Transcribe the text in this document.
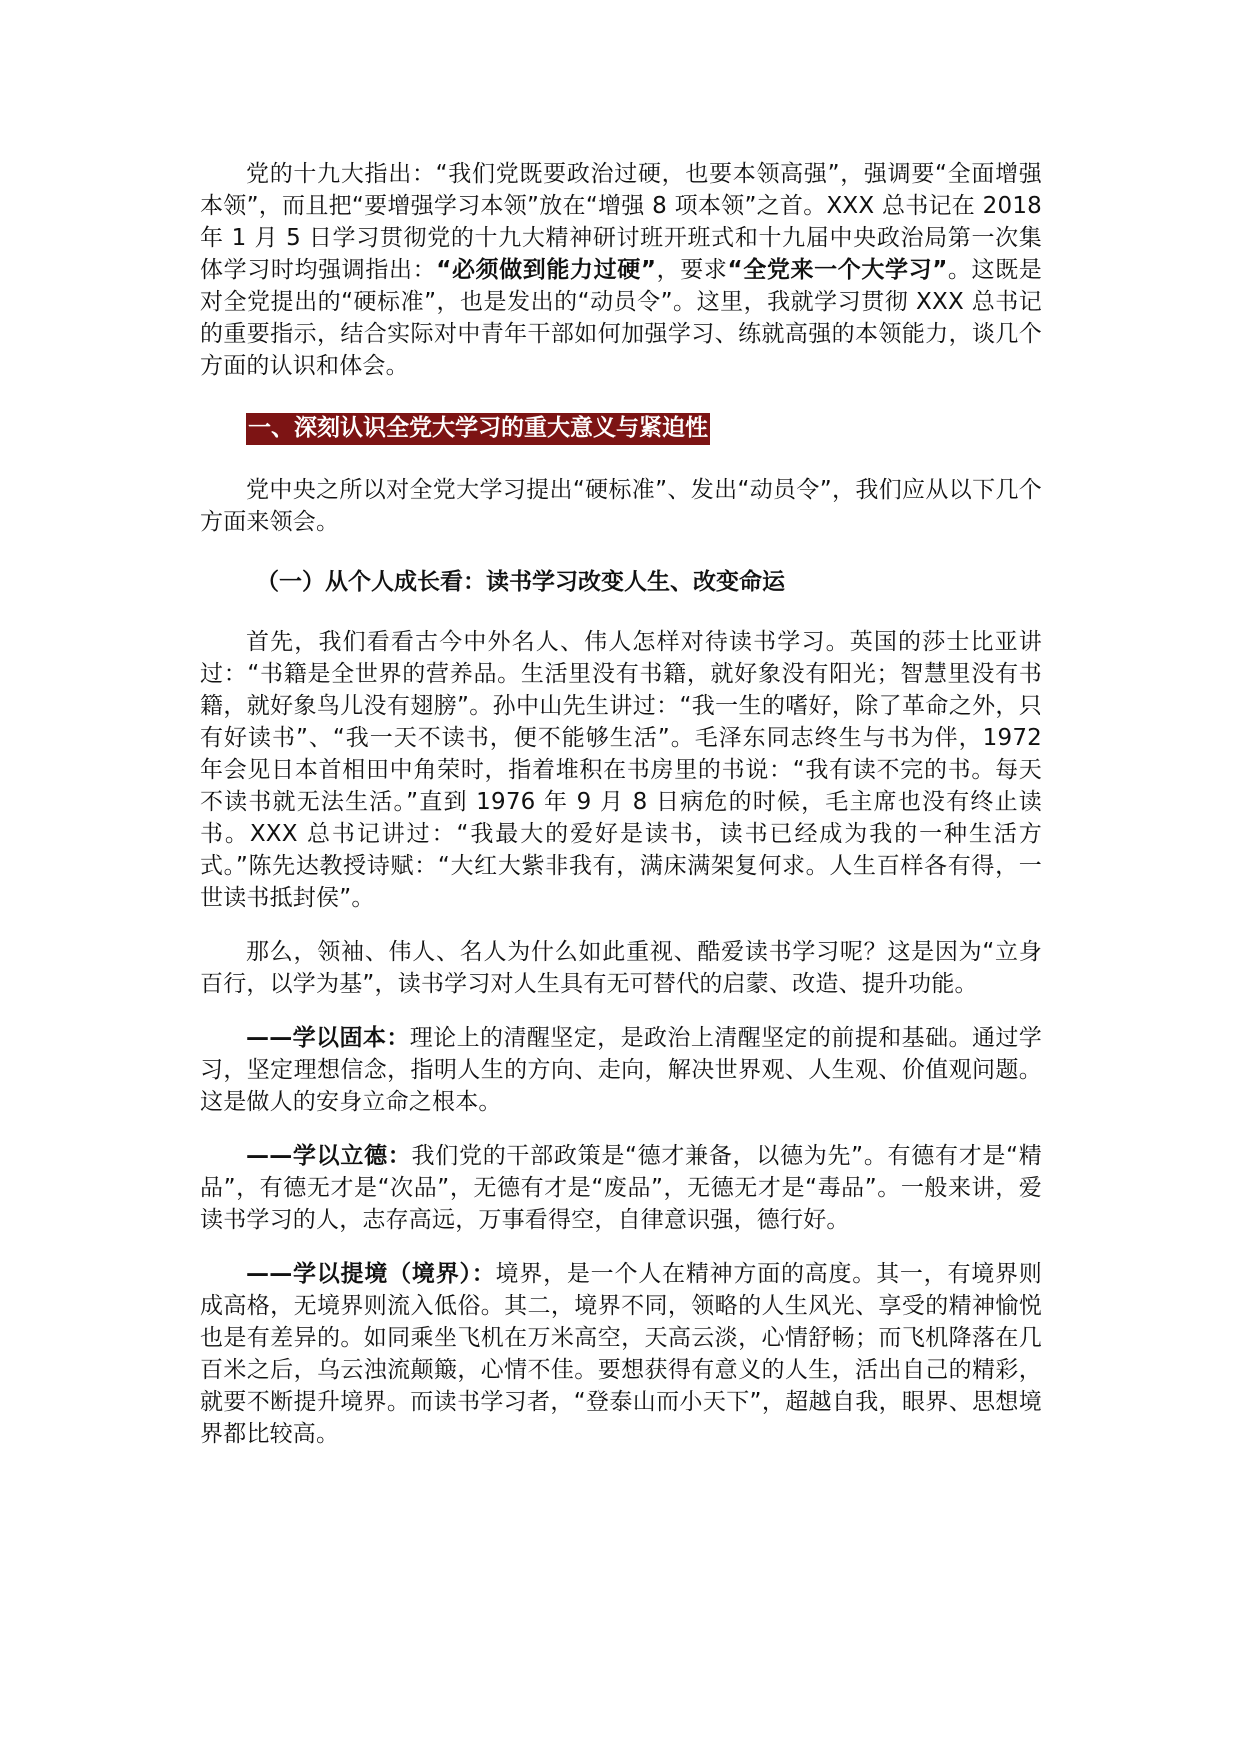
党的十九大指出：“我们党既要政治过硬，也要本领高强”，强调要“全面增强本领”，而且把“要增强学习本领”放在“增强 8 项本领”之首。XXX 总书记在 2018 年 1 月 5 日学习贯彻党的十九大精神研讨班开班式和十九届中央政治局第一次集体学习时均强调指出：“必须做到能力过硬”，要求“全党来一个大学习”。这既是对全党提出的“硬标准”，也是发出的“动员令”。这里，我就学习贯彻 XXX 总书记的重要指示，结合实际对中青年干部如何加强学习、练就高强的本领能力，谈几个方面的认识和体会。

一、深刻认识全党大学习的重大意义与紧迫性

党中央之所以对全党大学习提出“硬标准”、发出“动员令”，我们应从以下几个方面来领会。

（一）从个人成长看：读书学习改变人生、改变命运

首先，我们看看古今中外名人、伟人怎样对待读书学习。英国的莎士比亚讲过：“书籍是全世界的营养品。生活里没有书籍，就好象没有阳光；智慧里没有书籍，就好象鸟儿没有翅膀”。孙中山先生讲过：“我一生的嗜好，除了革命之外，只有好读书”、“我一天不读书，便不能够生活”。毛泽东同志终生与书为伴，1972 年会见日本首相田中角荣时，指着堆积在书房里的书说：“我有读不完的书。每天不读书就无法生活。”直到 1976 年 9 月 8 日病危的时候，毛主席也没有终止读书。XXX 总书记讲过：“我最大的爱好是读书，读书已经成为我的一种生活方式。”陈先达教授诗赋：“大红大紫非我有，满床满架复何求。人生百样各有得，一世读书抵封侯”。

那么，领袖、伟人、名人为什么如此重视、酷爱读书学习呢？这是因为“立身百行，以学为基”，读书学习对人生具有无可替代的启蒙、改造、提升功能。

——学以固本：理论上的清醒坚定，是政治上清醒坚定的前提和基础。通过学习，坚定理想信念，指明人生的方向、走向，解决世界观、人生观、价值观问题。这是做人的安身立命之根本。

——学以立德：我们党的干部政策是“德才兼备，以德为先”。有德有才是“精品”，有德无才是“次品”，无德有才是“废品”，无德无才是“毒品”。一般来讲，爱读书学习的人，志存高远，万事看得空，自律意识强，德行好。

——学以提境（境界）：境界，是一个人在精神方面的高度。其一，有境界则成高格，无境界则流入低俗。其二，境界不同，领略的人生风光、享受的精神愉悦也是有差异的。如同乘坐飞机在万米高空，天高云淡，心情舒畅；而飞机降落在几百米之后，乌云浊流颠簸，心情不佳。要想获得有意义的人生，活出自己的精彩，就要不断提升境界。而读书学习者，“登泰山而小天下”，超越自我，眼界、思想境界都比较高。
